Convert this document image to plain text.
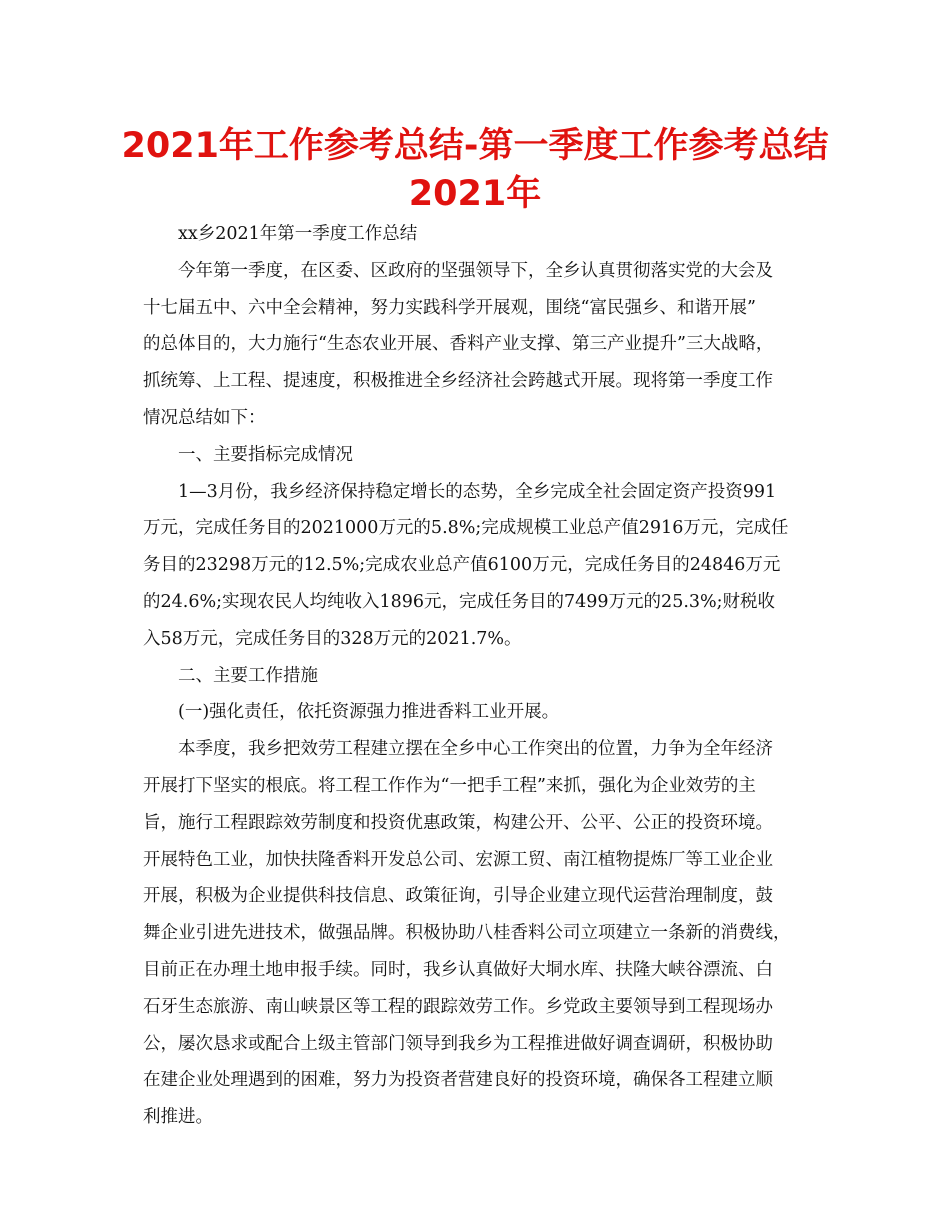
2021年工作参考总结-第一季度工作参考总结
2021年
xx乡2021年第一季度工作总结
今年第一季度，在区委、区政府的坚强领导下，全乡认真贯彻落实党的大会及
十七届五中、六中全会精神，努力实践科学开展观，围绕“富民强乡、和谐开展”
的总体目的，大力施行“生态农业开展、香料产业支撑、第三产业提升”三大战略，
抓统筹、上工程、提速度，积极推进全乡经济社会跨越式开展。现将第一季度工作
情况总结如下：
一、主要指标完成情况
1—3月份，我乡经济保持稳定增长的态势，全乡完成全社会固定资产投资991
万元，完成任务目的2021000万元的5.8%;完成规模工业总产值2916万元，完成任
务目的23298万元的12.5%;完成农业总产值6100万元，完成任务目的24846万元
的24.6%;实现农民人均纯收入1896元，完成任务目的7499万元的25.3%;财税收
入58万元，完成任务目的328万元的2021.7%。
二、主要工作措施
(一)强化责任，依托资源强力推进香料工业开展。
本季度，我乡把效劳工程建立摆在全乡中心工作突出的位置，力争为全年经济
开展打下坚实的根底。将工程工作作为“一把手工程”来抓，强化为企业效劳的主
旨，施行工程跟踪效劳制度和投资优惠政策，构建公开、公平、公正的投资环境。
开展特色工业，加快扶隆香料开发总公司、宏源工贸、南江植物提炼厂等工业企业
开展，积极为企业提供科技信息、政策征询，引导企业建立现代运营治理制度，鼓
舞企业引进先进技术，做强品牌。积极协助八桂香料公司立项建立一条新的消费线，
目前正在办理土地申报手续。同时，我乡认真做好大垌水库、扶隆大峡谷漂流、白
石牙生态旅游、南山峡景区等工程的跟踪效劳工作。乡党政主要领导到工程现场办
公，屡次恳求或配合上级主管部门领导到我乡为工程推进做好调查调研，积极协助
在建企业处理遇到的困难，努力为投资者营建良好的投资环境，确保各工程建立顺
利推进。
